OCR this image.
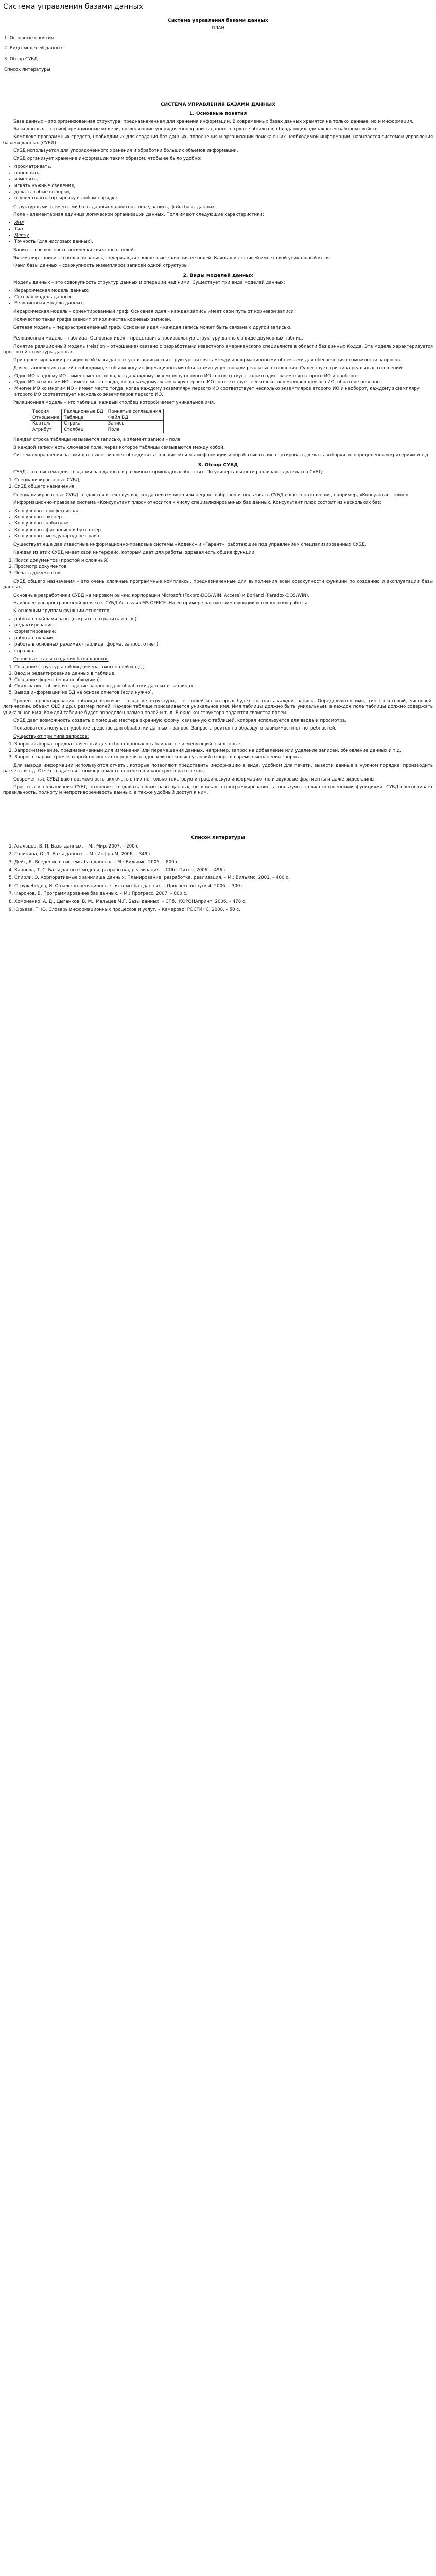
Система управления базами данных
Система управления базами данных
ПЛАН
1. Основные понятия
2. Виды моделей данных
3. Обзор СУБД
Список литературы
СИСТЕМА УПРАВЛЕНИЯ БАЗАМИ ДАННЫХ
1. Основные понятия

База данных – это организованная структура, предназначенная для хранения информации. В современных базах данных хранятся не только данные, но и информация.

Базы данных – это информационные модели, позволяющие упорядоченно хранить данные о группе объектов, обладающих одинаковым набором свойств.

Комплекс программных средств, необходимых для создания баз данных, пополнения и организации поиска в них необходимой информации, называется системой управления базами данных (СУБД).

СУБД используется для упорядоченного хранения и обработки больших объемов информации.

СУБД организует хранение информации таким образом, чтобы ее было удобно:

• просматривать,
• пополнять,
• изменять,
• искать нужные сведения,
• делать любые выборки,
• осуществлять сортировку в любом порядке.

Структурными элементами базы данных являются – поле, запись, файл базы данных.

Поле – элементарная единица логической организации данных. Поля имеют следующие характеристики:

▪ Имя
▪ Тип
▪ Длину
▪ Точность (для числовых данных).

Запись – совокупность логически связанных полей.

Экземпляр записи – отдельная запись, содержащая конкретные значения ее полей. Каждая из записей имеет свой уникальный ключ.

Файл базы данных – совокупность экземпляров записей одной структуры.

2. Виды моделей данных

Модель данных – это совокупность структур данных и операций над ними. Существует три вида моделей данных:

• Иерархическая модель данных;
• Сетевая модель данных;
• Реляционная модель данных.

Иерархическая модель – ориентированный граф. Основная идея – каждая запись имеет свой путь от корневой записи.

Количество такая графа зависит от количества корневых записей.

Сетевая модель – перераспределенный граф. Основная идея – каждая запись может быть связана с другой записью.

Реляционная модель – таблица. Основная идея – представить произвольную структуру данных в виде двумерных таблиц.

Понятие реляционный модель (relation – отношение) связано с разработками известного американского специалиста в области баз данных Кодда. Эта модель характеризуется простотой структуры данных.

При проектировании реляционной базы данных устанавливается структурная связь между информационными объектами для обеспечения возможности запросов.

Для установления связей необходимо, чтобы между информационными объектами существовали реальные отношения. Существует три типа реальных отношений:

• Один ИО к одному ИО – имеет место тогда, когда каждому экземпляру первого ИО соответствует только один экземпляр второго ИО и наоборот.
• Один ИО ко многим ИО – имеет место тогда, когда каждому экземпляру первого ИО соответствует несколько экземпляров другого ИО, обратное неверно.
• Многие ИО ко многим ИО – имеет место тогда, когда каждому экземпляру первого ИО соответствует несколько экземпляров второго ИО и наоборот, каждому экземпляру второго ИО соответствует несколько экземпляров первого ИО.

Реляционная модель – это таблица, каждый столбец которой имеет уникальное имя.

Теория	Реляционные БД	Принятые соглашения
Отношение	Таблица	Файл БД
Кортеж	Строка	Запись
Атрибут	Столбец	Поле

Каждая строка таблицы называется записью, а элемент записи – поле.

В каждой записи есть ключевое поле, через которое таблицы связываются между собой.

Система управления базами данных позволяет объединять большие объемы информации и обрабатывать их, сортировать, делать выборки по определенным критериям и т.д.

3. Обзор СУБД

СУБД – это система для создания баз данных в различных прикладных областях. По универсальности различают два класса СУБД:

1. Специализированные СУБД;
2. СУБД общего назначения.

Специализированные СУБД создаются в тех случаях, когда невозможно или нецелесообразно использовать СУБД общего назначения, например, «Консультант плюс».

Информационно-правовая система «Консультант плюс» относится к числу специализированных баз данных. Консультант плюс состоит из нескольких баз:

• Консультант профессионал
• Консультант эксперт
• Консультант арбитраж
• Консультант финансист и бухгалтер
• Консультант международное право.

Существует еще две известные информационно-правовые системы «Кодекс» и «Гарант», работающие под управлением специализированных СУБД.

Каждая из этих СУБД имеет свой интерфейс, который дает для работы, здравая есть общие функции:

1. Поиск документов (простой и сложный)
2. Просмотр документов
3. Печать документов.

СУБД общего назначения – это очень сложные программные комплексы, предназначенные для выполнения всей совокупности функций по созданию и эксплуатации базы данных.

Основные разработчики СУБД на мировом рынке: корпорации Microsoft (Foxpro-DOS/WIN, Access) и Borland (Paradox-DOS/WIN).

Наиболее распространенной является СУБД Access из MS OFFICE. На ее примере рассмотрим функции и технологию работы.

К основным группам функций относятся:

• работа с файлами базы (открыть, сохранить и т. д.);
• редактирование;
• форматирование;
• работа с окнами;
• работа в основных режимах (таблица, форма, запрос, отчет);
• справка.

Основные этапы создания базы данных:

1. Создание структуры таблиц (имена, типы полей и т.д.).
2. Ввод и редактирование данных в таблице.
3. Создание формы (если необходимо).
4. Связывание таблиц и создание запросов для обработки данных в таблицах.
5. Вывод информации из БД на основе отчетов (если нужно).

Процесс проектирования таблицы включает создание структуры, т.е. полей из которых будет состоять каждая запись. Определяются имя, тип (текстовый, числовой, логический, объект OLE и др.), размер полей. Каждой таблице присваивается уникальное имя. Имя таблицы должно быть уникальным, а каждое поле таблицы должно содержать уникальное имя. Каждой таблице будет определён размер полей и т. д. В окне конструктора задаются свойства полей.

СУБД дает возможность создать с помощью мастера экранную форму, связанную с таблицей, которая используется для ввода и просмотра.

Пользователь получает удобное средство для обработки данных – запрос. Запрос строится по образцу, в зависимости от потребностей.

Существуют три типа запросов:

1. Запрос-выборка, предназначенный для отбора данных в таблицах, не изменяющий эти данные.
2. Запрос-изменение, предназначенный для изменения или перемещения данных, например, запрос на добавление или удаление записей, обновление данных и т.д.
3. Запрос с параметром, который позволяет определить одно или несколько условий отбора во время выполнения запроса.

Для вывода информации используются отчеты, которые позволяют представить информацию в виде, удобном для печати, вывести данные в нужном порядке, производить расчеты и т.д. Отчет создается с помощью мастера отчетов и конструктора отчетов.

Современные СУБД дают возможность включать в них не только текстовую и графическую информацию, но и звуковые фрагменты и даже видеоклипы.

Простота использования СУБД позволяет создавать новые базы данных, не вникая в программирование, а пользуясь только встроенными функциями. СУБД обеспечивает правильность, полноту и непротиворечивость данных, а также удобный доступ к ним.

Список литературы
1. Агальцов, В. П. Базы данных. – М.: Мир, 2007. – 200 с.
2. Голицина, О. Л. Базы данных. – М.: Инфра-М, 2006. – 349 с.
3. Дейт, К. Введение в системы баз данных. – М.: Вильямс, 2005. – 800 с.
4. Карпова, Т. С. Базы данных: модели, разработка, реализация. – СПб.: Питер, 2006. – 496 с.
5. Спирли, Э. Корпоративные хранилища данных. Планирование, разработка, реализация. – М.: Вильямс, 2001. – 400 с.
6. Стружебедов, И. Объектно-реляционные системы баз данных. – Прогресс-выпуск 4, 2006. – 300 с.
7. Фаронов, В. Программирование баз данных. – М.: Прогресс, 2007. – 800 с.
8. Хомоненко, А. Д., Цыганков, В. М., Мальцев М.Г. Базы данных. – СПб.: КОРОНАпринт, 2006. – 478 с.
9. Юрьева, Т. Ю. Словарь информационных процессов и услуг. – Кемерово: РОСТИНС, 2008. – 50 с.
